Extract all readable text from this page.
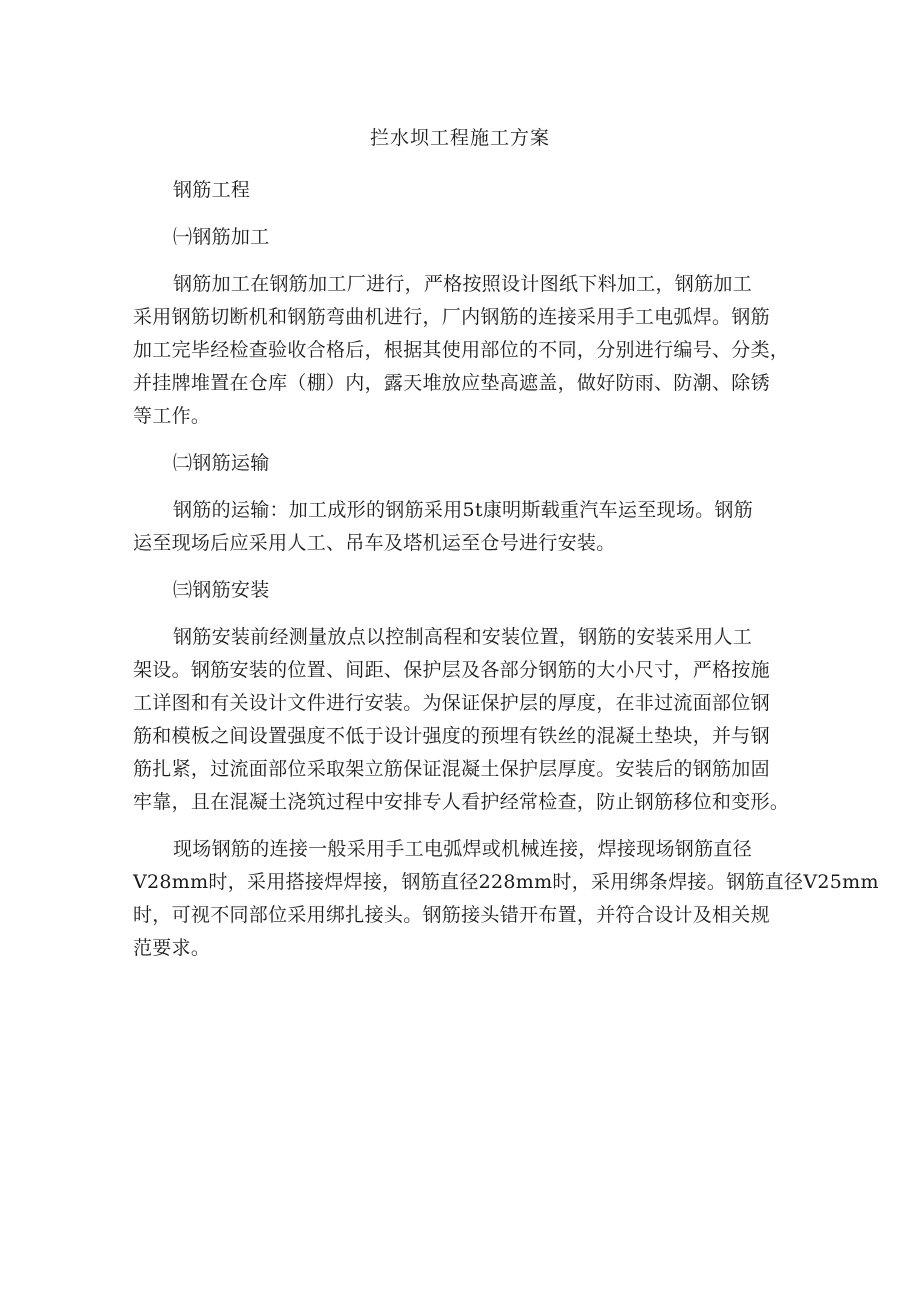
拦水坝工程施工方案
钢筋工程
㈠钢筋加工
钢筋加工在钢筋加工厂进行，严格按照设计图纸下料加工，钢筋加工
采用钢筋切断机和钢筋弯曲机进行，厂内钢筋的连接采用手工电弧焊。钢筋
加工完毕经检查验收合格后，根据其使用部位的不同，分别进行编号、分类，
并挂牌堆置在仓库（棚）内，露天堆放应垫高遮盖，做好防雨、防潮、除锈
等工作。
㈡钢筋运输
钢筋的运输：加工成形的钢筋采用5t康明斯载重汽车运至现场。钢筋
运至现场后应采用人工、吊车及塔机运至仓号进行安装。
㈢钢筋安装
钢筋安装前经测量放点以控制高程和安装位置，钢筋的安装采用人工
架设。钢筋安装的位置、间距、保护层及各部分钢筋的大小尺寸，严格按施
工详图和有关设计文件进行安装。为保证保护层的厚度，在非过流面部位钢
筋和模板之间设置强度不低于设计强度的预埋有铁丝的混凝土垫块，并与钢
筋扎紧，过流面部位采取架立筋保证混凝土保护层厚度。安装后的钢筋加固
牢靠，且在混凝土浇筑过程中安排专人看护经常检查，防止钢筋移位和变形。
现场钢筋的连接一般采用手工电弧焊或机械连接，焊接现场钢筋直径
V28mm时，采用搭接焊焊接，钢筋直径228mm时，采用绑条焊接。钢筋直径V25mm
时，可视不同部位采用绑扎接头。钢筋接头错开布置，并符合设计及相关规
范要求。
